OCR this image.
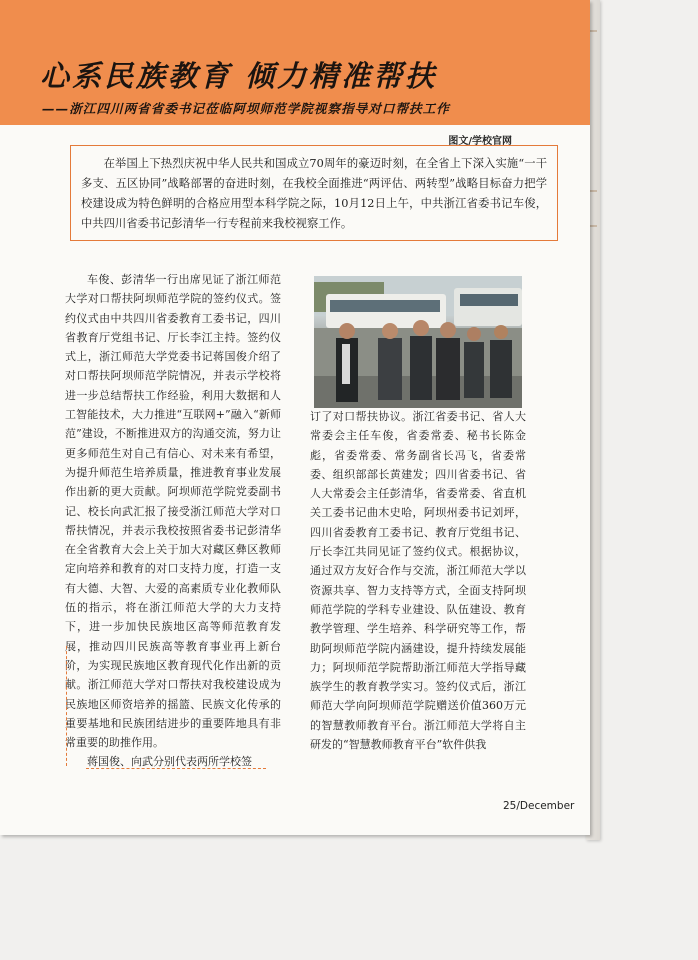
心系民族教育 倾力精准帮扶
——浙江四川两省省委书记莅临阿坝师范学院视察指导对口帮扶工作
图文/学校官网
在举国上下热烈庆祝中华人民共和国成立70周年的豪迈时刻，在全省上下深入实施“一干多支、五区协同”战略部署的奋进时刻，在我校全面推进“两评估、两转型”战略目标奋力把学校建设成为特色鲜明的合格应用型本科学院之际，10月12日上午，中共浙江省委书记车俊，中共四川省委书记彭清华一行专程前来我校视察工作。

车俊、彭清华一行出席见证了浙江师范大学对口帮扶阿坝师范学院的签约仪式。签约仪式由中共四川省委教育工委书记，四川省教育厅党组书记、厅长李江主持。签约仪式上，浙江师范大学党委书记蒋国俊介绍了对口帮扶阿坝师范学院情况，并表示学校将进一步总结帮扶工作经验，利用大数据和人工智能技术，大力推进“互联网+”融入“新师范”建设，不断推进双方的沟通交流，努力让更多师范生对自己有信心、对未来有希望，为提升师范生培养质量，推进教育事业发展作出新的更大贡献。阿坝师范学院党委副书记、校长向武汇报了接受浙江师范大学对口帮扶情况，并表示我校按照省委书记彭清华在全省教育大会上关于加大对藏区彝区教师定向培养和教育的对口支持力度，打造一支有大德、大智、大爱的高素质专业化教师队伍的指示，将在浙江师范大学的大力支持下，进一步加快民族地区高等师范教育发展，推动四川民族高等教育事业再上新台阶，为实现民族地区教育现代化作出新的贡献。浙江师范大学对口帮扶对我校建设成为民族地区师资培养的摇篮、民族文化传承的重要基地和民族团结进步的重要阵地具有非常重要的助推作用。

蒋国俊、向武分别代表两所学校签

订了对口帮扶协议。浙江省委书记、省人大常委会主任车俊，省委常委、秘书长陈金彪，省委常委、常务副省长冯飞，省委常委、组织部部长黄建发；四川省委书记、省人大常委会主任彭清华，省委常委、省直机关工委书记曲木史哈，阿坝州委书记刘坪，四川省委教育工委书记、教育厅党组书记、厅长李江共同见证了签约仪式。根据协议，通过双方友好合作与交流，浙江师范大学以资源共享、智力支持等方式，全面支持阿坝师范学院的学科专业建设、队伍建设、教育教学管理、学生培养、科学研究等工作，帮助阿坝师范学院内涵建设，提升持续发展能力；阿坝师范学院帮助浙江师范大学指导藏族学生的教育教学实习。签约仪式后，浙江师范大学向阿坝师范学院赠送价值360万元的智慧教师教育平台。浙江师范大学将自主研发的“智慧教师教育平台”软件供我

25/December
